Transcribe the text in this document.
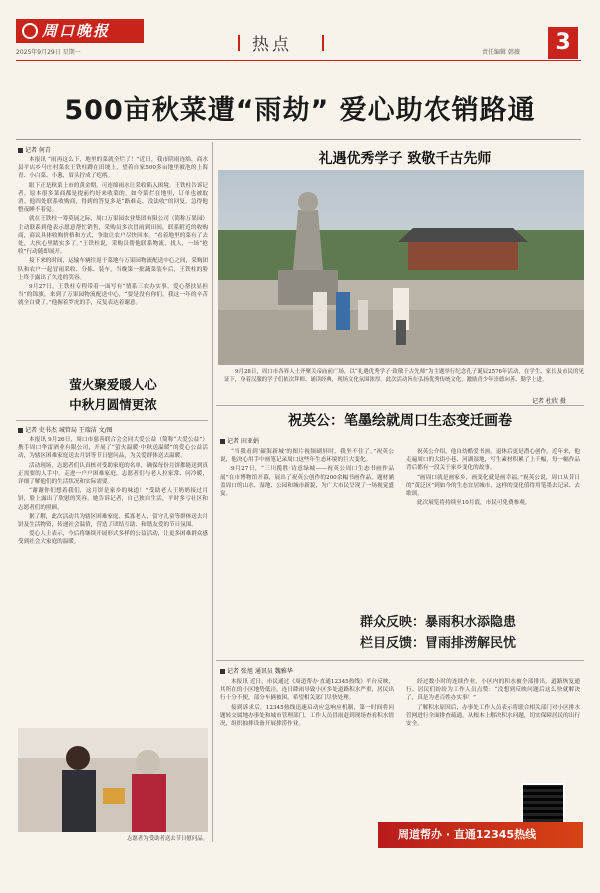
周口晚报
2025年9月29日 星期一	热点	责任编辑 韩薇	3
500亩秋菜遭“雨劫” 爱心助农销路通
记者 何青

本报讯 “雨再这么下，地里的菜就全烂了！”近日，我市阴雨连绵，商水县平店乡马庄村菜农王铁柱蹲在田埂上，望着自家500多亩地里被泡的上海青、小白菜、小葱，眉头拧成了疙瘩。

眼下正是秋菜上市的黄金期，可连绵雨水让采收陷入困境。王铁柱告诉记者，原本很多菜商都是提前约好来收菜的，如今菜烂在地里，订单也被取消。他四处联系收购商，得到的答复多是“路难走、没法收”的回复，急得他整夜睡不着觉。

就在王铁柱一筹莫展之际，周口万果园农业集团有限公司（简称万果园）主动联系到他表示愿意帮忙销售，采购员多次冒雨到田间，联系附近的收购商，商议具体收购价格和方式，争取让农户尽快回本。“看着地里的菜有了去处，大伙心里踏实多了。”王铁柱说，采购员帮他联系物流、找人，一场“抢收”行动随即展开。

接下来的时间，运输车辆往返于菜地与万果园物流配送中心之间，采购团队和农户一起冒雨采收、分拣、装车，当晚第一批蔬菜装车后，王铁柱的脸上终于露出了久违的笑容。

9月27日，王铁柱专程带着一面写有“情系三农办实事，爱心帮扶显担当”的锦旗，来到了万果园物流配送中心，“要是没有你们，我这一年的辛苦就全白费了。”他握着罗虎的手，反复表达着谢意。

礼遇优秀学子 致敬千古先师
9月28日，周口市各界人士齐聚关帝庙前广场，以“礼遇优秀学子·致敬千古先师”为主题举行纪念孔子诞辰2576年活动，在学生、家长及市民的见证下，身着汉服的学子们依次拜师、诵读经典，现场文化氛围浓厚。此次活动旨在弘扬优秀传统文化，激励青少年崇德向善、勤学上进。
记者 杜欣 摄
萤火聚爱暖人心
中秋月圆情更浓
记者 史书杰 城管局 王瑞洁 文/图

本报讯 9月26日，周口市慈善联合会会同大爱公益（简称“大爱公益”）携手周口华雷酒业有限公司，开展了“萤火温暖·中秋送温暖”的爱心公益活动，为辖区困难家庭送去月饼等节日慰问品，为关爱群体送去温暖。

活动现场，志愿者们认真核对受助家庭的名单，确保每份月饼都能送到真正需要的人手中。走进一户户困难家庭，志愿者们与老人拉家常、问冷暖，详细了解他们的生活状况和实际需要。

“谢谢你们想着我们，这月饼是家乡的味道！”受助老人王奶奶接过月饼，脸上露出了欣慰的笑容。她告诉记者，自己独自生活，平时多亏社区和志愿者们的照顾。

据了解，此次活动共为辖区困难家庭、孤寡老人、留守儿童等群体送去月饼及生活物资，传递社会温情，营造了团结互助、和谐友爱的节日氛围。

爱心人士表示，今后将继续开展形式多样的公益活动，让更多困难群众感受到社会大家庭的温暖。

志愿者为受助者送去节日慰问品。
祝英公：笔墨绘就周口生态变迁画卷
记者 田亚娟

“当我看到‘碳海新城’的图片视频刷屏时，我坐不住了。”祝英公说，他决心用手中画笔记录周口这些年生态环境的巨大变化。

9月27日，“三川揽胜·诗意绿城——祝英公周口生态书画作品展”在市博物馆开幕，展出了祝英公创作的200余幅书画作品，题材涵盖周口的山水、湿地、公园和城市新貌，为广大市民呈现了一场视觉盛宴。

祝英公介绍，他自幼酷爱书画，退休后更是潜心创作。近年来，他走遍周口的大街小巷、河湖湿地，写生素材积累了上千幅，每一幅作品背后都有一段关于家乡变化的故事。

“画周口就是画家乡，画变化就是画幸福。”祝英公说，周口从昔日的“黄泛区”到如今的生态宜居城市，这样的变化值得用笔墨去记录、去歌颂。

此次展览将持续至10月底，市民可免费参观。

群众反映：暴雨积水添隐患
栏目反馈：冒雨排涝解民忧
记者 张旭 通讯员 魏雅华

本报讯 近日，市民通过《周道帮办·直通12345热线》平台反映，其所在的小区地势低洼，连日降雨导致小区多处道路积水严重，居民出行十分不便，部分车辆被困，希望相关部门尽快处理。

接到诉求后，12345热线迅速启动应急响应机制，第一时间将问题转交属地办事处和城市管理部门。工作人员冒雨赶到现场查看积水情况，组织抽排设备开展排涝作业。

经过数小时的连续作业，小区内的积水被全部排出，道路恢复通行。居民们纷纷为工作人员点赞：“没想到反映问题后这么快就解决了，真是为老百姓办实事！”

了解积水原因后，办事处工作人员表示将联合相关部门对小区排水管网进行全面排查疏通，从根本上解决积水问题，切实保障居民的出行安全。

周道帮办 · 直通12345热线
